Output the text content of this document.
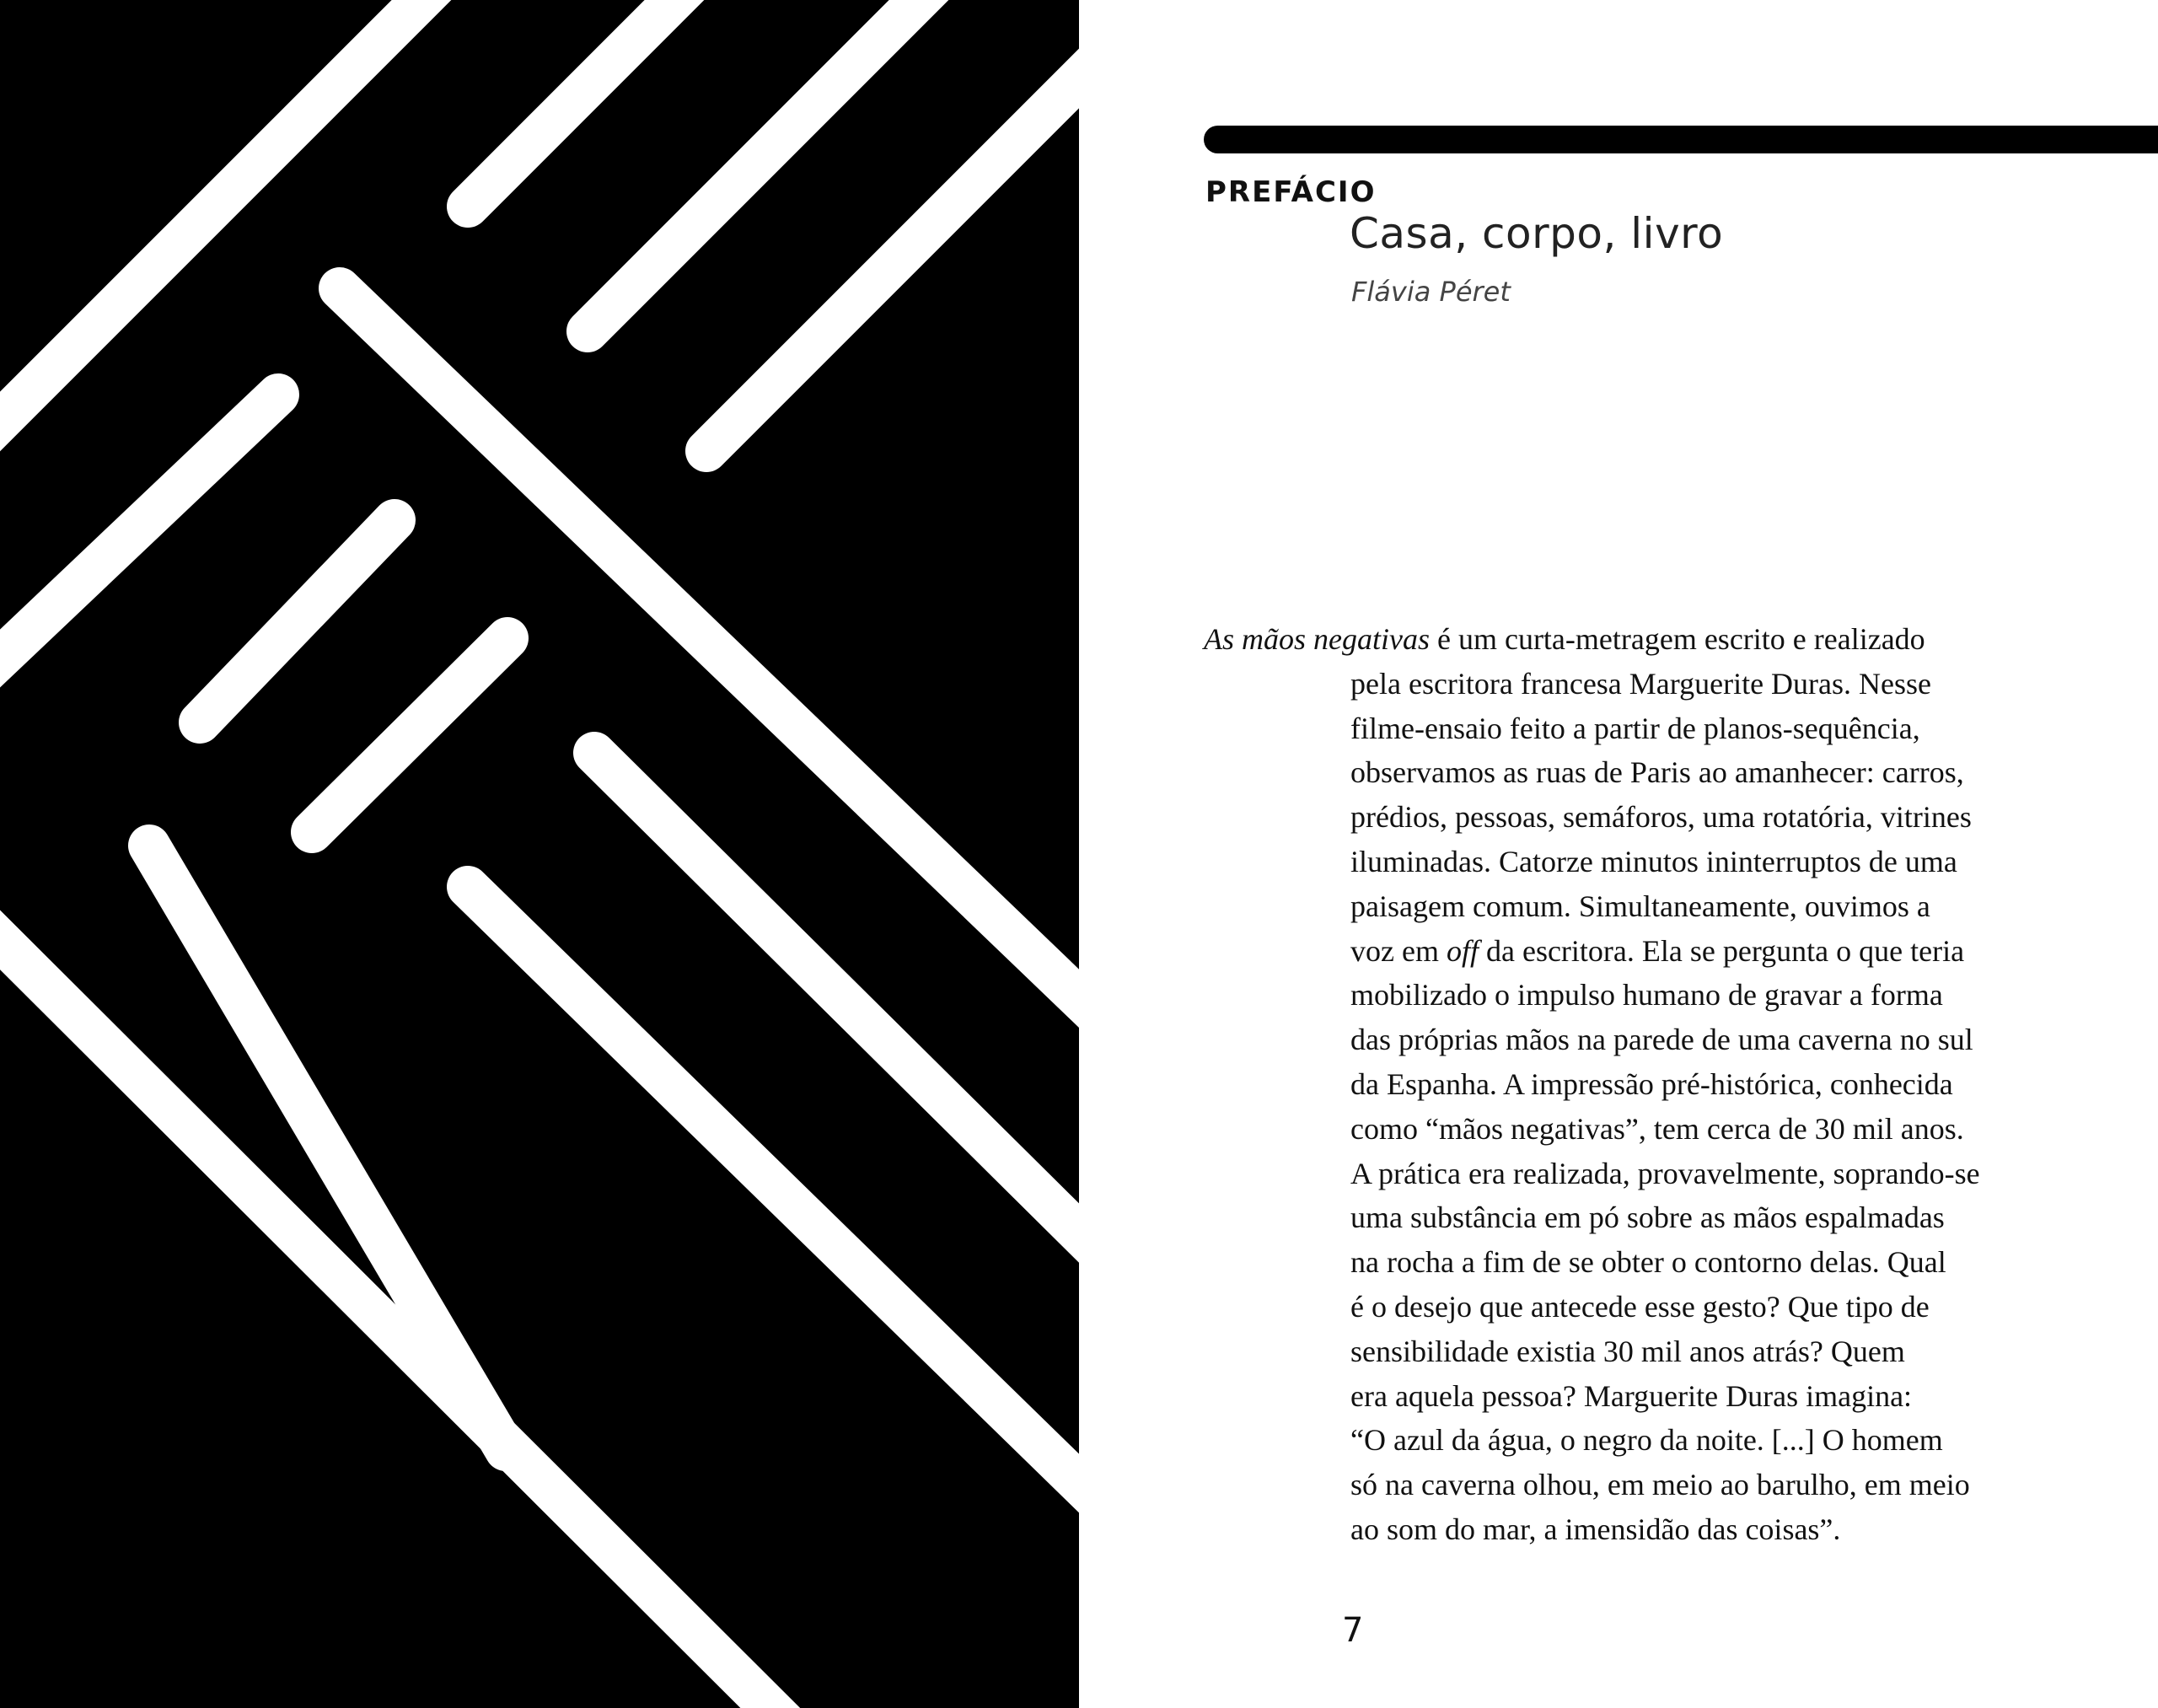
PREFÁCIO

Casa, corpo, livro

Flávia Péret

As mãos negativas é um curta-metragem escrito e realizado
pela escritora francesa Marguerite Duras. Nesse
filme-ensaio feito a partir de planos-sequência,
observamos as ruas de Paris ao amanhecer: carros,
prédios, pessoas, semáforos, uma rotatória, vitrines
iluminadas. Catorze minutos ininterruptos de uma
paisagem comum. Simultaneamente, ouvimos a
voz em off da escritora. Ela se pergunta o que teria
mobilizado o impulso humano de gravar a forma
das próprias mãos na parede de uma caverna no sul
da Espanha. A impressão pré-histórica, conhecida
como “mãos negativas”, tem cerca de 30 mil anos.
A prática era realizada, provavelmente, soprando-se
uma substância em pó sobre as mãos espalmadas
na rocha a fim de se obter o contorno delas. Qual
é o desejo que antecede esse gesto? Que tipo de
sensibilidade existia 30 mil anos atrás? Quem
era aquela pessoa? Marguerite Duras imagina:
“O azul da água, o negro da noite. [...] O homem
só na caverna olhou, em meio ao barulho, em meio
ao som do mar, a imensidão das coisas”.

7
